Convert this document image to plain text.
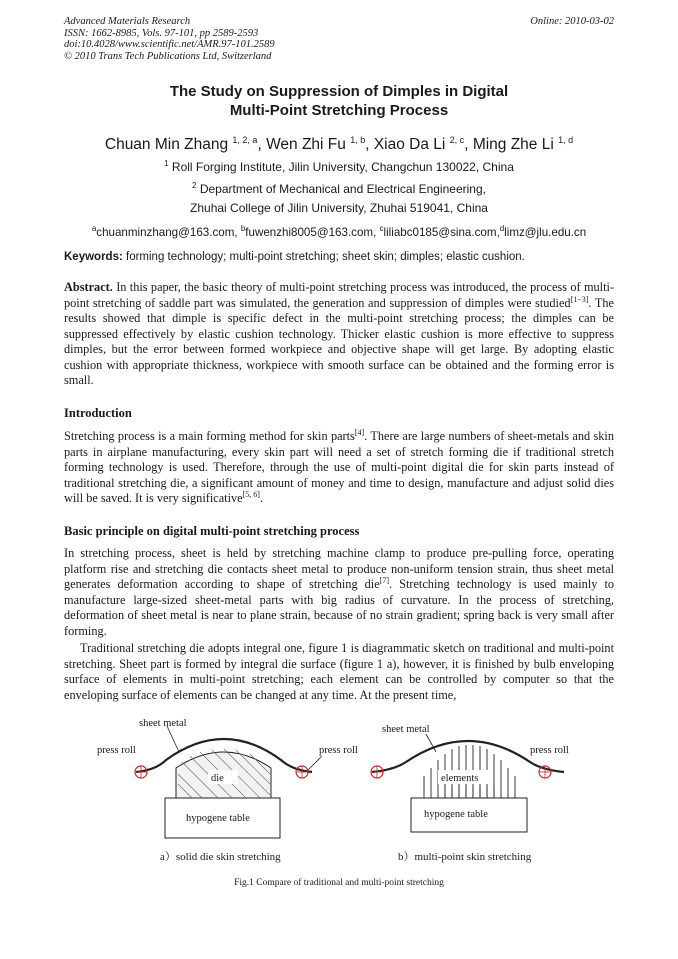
Advanced Materials Research
ISSN: 1662-8985, Vols. 97-101, pp 2589-2593
doi:10.4028/www.scientific.net/AMR.97-101.2589
© 2010 Trans Tech Publications Ltd, Switzerland
Online: 2010-03-02
The Study on Suppression of Dimples in Digital
Multi-Point Stretching Process
Chuan Min Zhang $^{1, 2, a}$, Wen Zhi Fu $^{1, b}$, Xiao Da Li $^{2, c}$, Ming Zhe Li $^{1, d}$
$^1$ Roll Forging Institute, Jilin University, Changchun 130022, China
$^2$ Department of Mechanical and Electrical Engineering,
Zhuhai College of Jilin University, Zhuhai 519041, China
$^a$chuanminzhang@163.com, $^b$fuwenzhi8005@163.com, $^c$liliabc0185@sina.com,$^d$limz@jlu.edu.cn
Keywords: forming technology; multi-point stretching; sheet skin; dimples; elastic cushion.
Abstract. In this paper, the basic theory of multi-point stretching process was introduced, the process of multi-point stretching of saddle part was simulated, the generation and suppression of dimples were studied[1−3]. The results showed that dimple is specific defect in the multi-point stretching process; the dimples can be suppressed effectively by elastic cushion technology. Thicker elastic cushion is more effective to suppress dimples, but the error between formed workpiece and objective shape will get large. By adopting elastic cushion with appropriate thickness, workpiece with smooth surface can be obtained and the forming error is small.
Introduction
Stretching process is a main forming method for skin parts[4]. There are large numbers of sheet-metals and skin parts in airplane manufacturing, every skin part will need a set of stretch forming die if traditional stretch forming technology is used. Therefore, through the use of multi-point digital die for skin parts instead of traditional stretching die, a significant amount of money and time to design, manufacture and adjust solid dies will be saved. It is very significative[5, 6].
Basic principle on digital multi-point stretching process
In stretching process, sheet is held by stretching machine clamp to produce pre-pulling force, operating platform rise and stretching die contacts sheet metal to produce non-uniform tension strain, thus sheet metal generates deformation according to shape of stretching die[7]. Stretching technology is used mainly to manufacture large-sized sheet-metal parts with big radius of curvature. In the process of stretching, deformation of sheet metal is near to plane strain, because of no strain gradient; spring back is very small after forming.
Traditional stretching die adopts integral one, figure 1 is diagrammatic sketch on traditional and multi-point stretching. Sheet part is formed by integral die surface (figure 1 a), however, it is finished by bulb enveloping surface of elements in multi-point stretching; each element can be controlled by computer so that the enveloping surface of elements can be changed at any time. At the present time,
sheet metal
press roll	press roll
die
hypogene table
sheet metal
press roll
elements
hypogene table
a）solid die skin stretching	b）multi-point skin stretching
Fig.1 Compare of traditional and multi-point stretching
